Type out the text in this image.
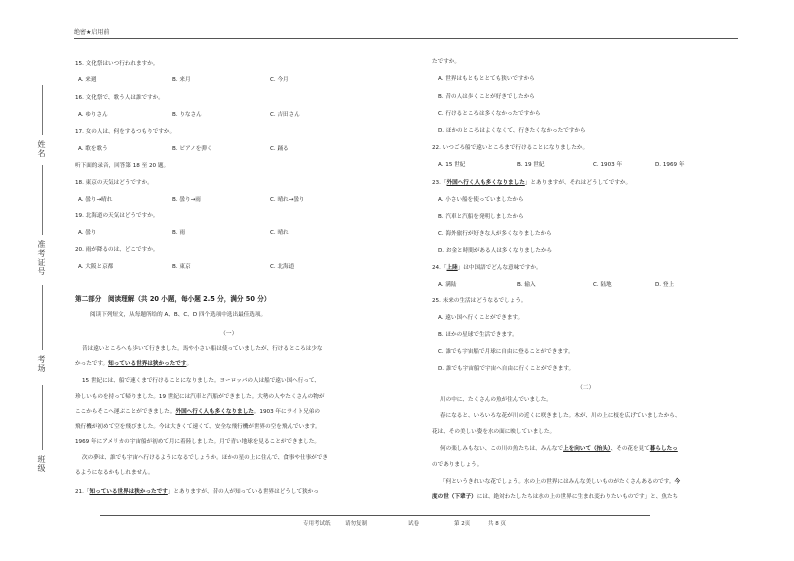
绝密★启用前
姓名
准考证号
考场
班级
15. 文化祭はいつ行われますか。
A. 来週	B. 来月	C. 今月
16. 文化祭で、歌う人は誰ですか。
A. ゆりさん	B. りなさん	C. 吉田さん
17. 女の人は、何をするつもりですか。
A. 歌を歌う	B. ピアノを弾く	C. 踊る
听下面的录音，回答第 18 至 20 题。
18. 東京の天気はどうですか。
A. 曇り→晴れ	B. 曇り→雨	C. 晴れ→曇り
19. 北海道の天気はどうですか。
A. 曇り	B. 雨	C. 晴れ
20. 雨が降るのは、どこですか。
A. 大阪と京都	B. 東京	C. 北海道
第二部分　阅读理解（共 20 小题，每小题 2.5 分，满分 50 分）
阅读下列短文，从每题所给的 A、B、C、D 四个选项中选出最佳选项。
（一）
昔は遠いところへも歩いて行きました。馬や小さい船は使っていましたが、行けるところは少な
かったです。知っている世界は狭かったです。
15 世紀には、船で速くまで行けることになりました。ヨーロッパの人は船で遠い国へ行って、
珍しいものを持って帰りました。19 世紀には汽車と汽船ができました。大勢の人やたくさんの物が
ここからそこへ運ぶことができました。外国へ行く人も多くなりました。1903 年にライト兄弟の
飛行機が初めて空を飛びました。今は大きくて速くて、安全な飛行機が世界の空を飛んでいます。
1969 年にアメリカの宇宙船が初めて月に着陸しました。月で青い地球を見ることができました。
次の夢は、誰でも宇宙へ行けるようになるでしょうか。ほかの星の上に住んで、食事や仕事ができ
るようになるかもしれません。
21.「知っている世界は狭かったです」とありますが、昔の人が知っている世界はどうして狭かっ
たですか。
A. 世界はもともととても狭いですから
B. 昔の人は歩くことが好きでしたから
C. 行けるところは多くなかったですから
D. ほかのところはよくなくて、行きたくなかったですから
22. いつごろ船で遠いところまで行けることになりましたか。
A. 15 世紀	B. 19 世紀	C. 1903 年	D. 1969 年
23.「外国へ行く人も多くなりました」とありますが、それはどうしてですか。
A. 小さい船を使っていましたから
B. 汽車と汽船を発明しましたから
C. 海外旅行が好きな人が多くなりましたから
D. お金と時間がある人は多くなりましたから
24.「上陸」は中国語でどんな意味ですか。
A. 满陆	B. 输入	C. 陆地	D. 登上
25. 未来の生活はどうなるでしょう。
A. 遠い国へ行くことができます。
B. ほかの星球で生活できます。
C. 誰でも宇宙船で月球に自由に登ることができます。
D. 誰でも宇宙船で宇宙へ自由に行くことができます。
（二）
川の中に、たくさんの魚が住んでいました。
春になると、いろいろな花が川の近くに咲きました。木が、川の上に枝を広げていましたから、
花は、その美しい姿を水の面に映していました。
何の楽しみもない、この川の魚たちは、みんなで上を向いて（抬头）、その花を見て暮らしたっ
のでありましょう。
「何というきれいな花でしょう。水の上の世界にはみんな美しいものがたくさんあるのです。今
度の世（下辈子）には、絶対わたしたちは水の上の世界に生まれ変わりたいものです」と、魚たち
专用考试纸	请勿复制	试卷	第 2页	共 8 页
